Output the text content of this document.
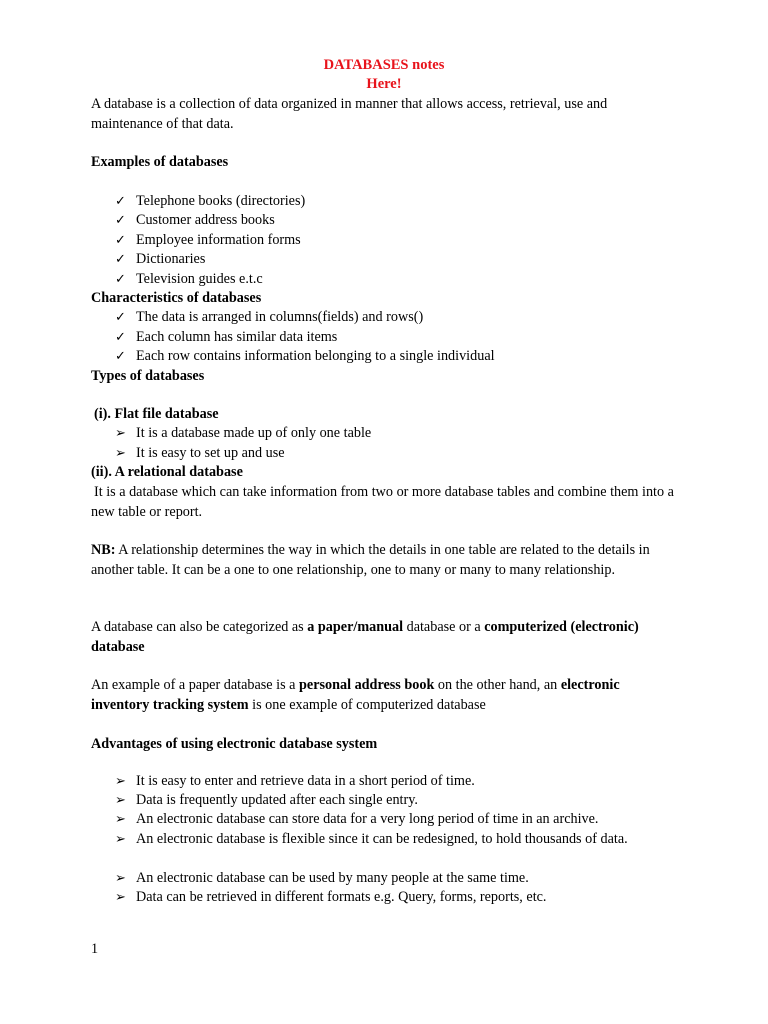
DATABASES notes
Here!
A database is a collection of data organized in manner that allows access, retrieval, use and maintenance of that data.
Examples of databases
✓ Telephone books (directories)
✓ Customer address books
✓ Employee information forms
✓ Dictionaries
✓ Television guides e.t.c
Characteristics of databases
✓ The data is arranged in columns(fields) and rows()
✓ Each column has similar data items
✓ Each row contains information belonging to a single individual
Types of databases
(i). Flat file database
➢ It is a database made up of only one table
➢ It is easy to set up and use
(ii). A relational database
It is a database which can take information from two or more database tables and combine them into a new table or report.
NB: A relationship determines the way in which the details in one table are related to the details in another table. It can be a one to one relationship, one to many or many to many relationship.
A database can also be categorized as a paper/manual database or a computerized (electronic) database
An example of a paper database is a personal address book on the other hand, an electronic inventory tracking system is one example of computerized database
Advantages of using electronic database system
➢ It is easy to enter and retrieve data in a short period of time.
➢ Data is frequently updated after each single entry.
➢ An electronic database can store data for a very long period of time in an archive.
➢ An electronic database is flexible since it can be redesigned, to hold thousands of data.
➢ An electronic database can be used by many people at the same time.
➢ Data can be retrieved in different formats e.g. Query, forms, reports, etc.
1
